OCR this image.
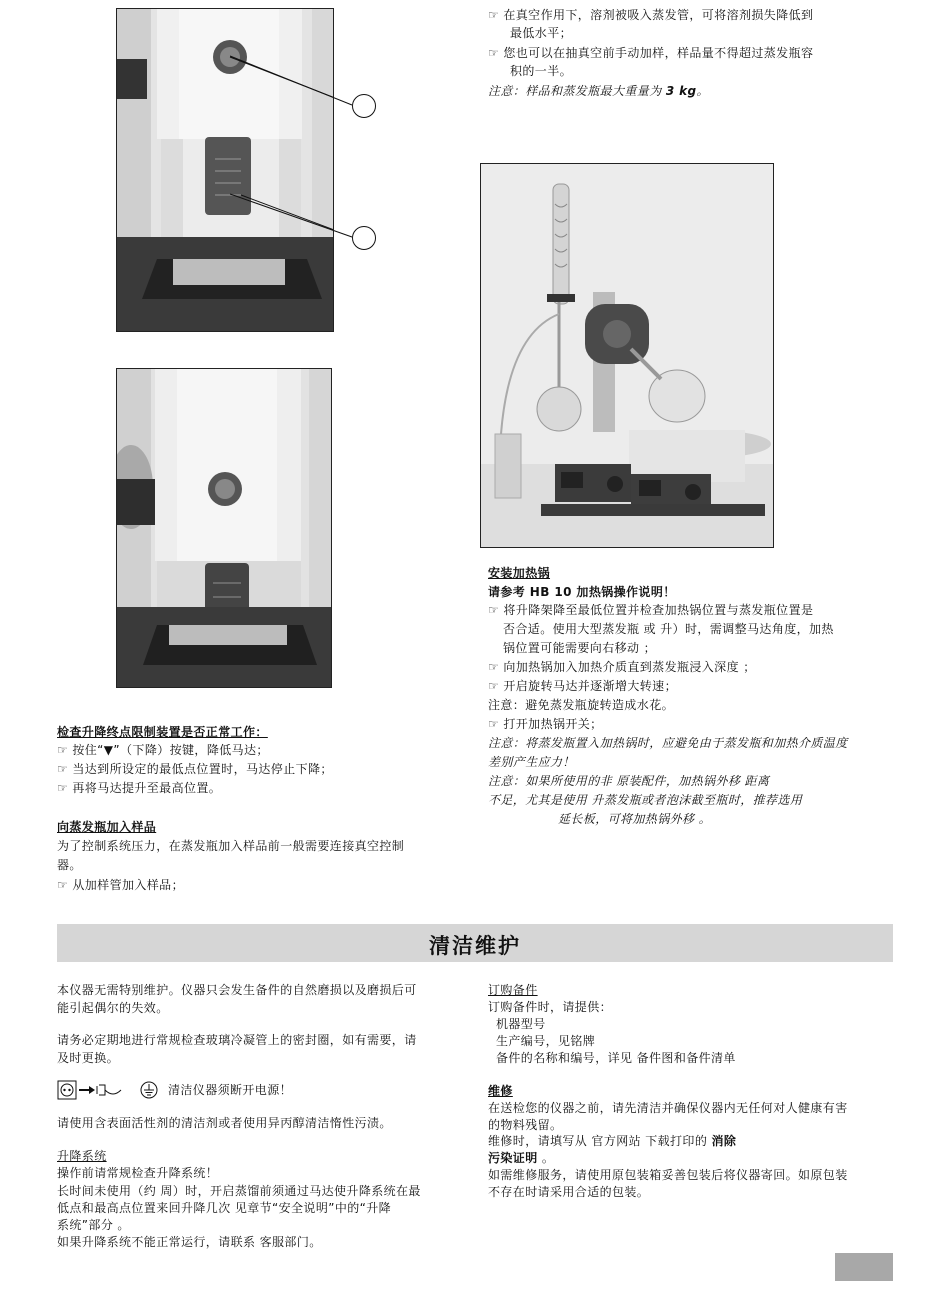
☞ 在真空作用下，溶剂被吸入蒸发管，可将溶剂损失降低到
最低水平；
☞ 您也可以在抽真空前手动加样，样品量不得超过蒸发瓶容
积的一半。
注意：样品和蒸发瓶最大重量为 3 kg。
检查升降终点限制装置是否正常工作：
☞ 按住“▼”（下降）按键，降低马达；
☞ 当达到所设定的最低点位置时，马达停止下降；
☞ 再将马达提升至最高位置。
向蒸发瓶加入样品
为了控制系统压力，在蒸发瓶加入样品前一般需要连接真空控制
器。
☞ 从加样管加入样品；
安装加热锅
请参考 HB 10 加热锅操作说明！
☞ 将升降架降至最低位置并检查加热锅位置与蒸发瓶位置是
否合适。使用大型蒸发瓶 或 升）时，需调整马达角度，加热
锅位置可能需要向右移动 ；
☞ 向加热锅加入加热介质直到蒸发瓶浸入深度 ；
☞ 开启旋转马达并逐渐增大转速；
注意：避免蒸发瓶旋转造成水花。
☞ 打开加热锅开关；
注意：将蒸发瓶置入加热锅时，应避免由于蒸发瓶和加热介质温度
差别产生应力！
注意：如果所使用的非 原装配件，加热锅外移 距离
不足，尤其是使用 升蒸发瓶或者泡沫截至瓶时，推荐选用
延长板，可将加热锅外移 。
清洁维护
本仪器无需特别维护。仪器只会发生备件的自然磨损以及磨损后可
能引起偶尔的失效。
请务必定期地进行常规检查玻璃冷凝管上的密封圈，如有需要，请
及时更换。
清洁仪器须断开电源！
请使用含表面活性剂的清洁剂或者使用异丙醇清洁惰性污渍。
升降系统
操作前请常规检查升降系统！
长时间未使用（约 周）时，开启蒸馏前须通过马达使升降系统在最
低点和最高点位置来回升降几次 见章节“安全说明”中的“升降
系统”部分 。
如果升降系统不能正常运行，请联系 客服部门。
订购备件
订购备件时，请提供：
机器型号
生产编号，见铭牌
备件的名称和编号，详见 备件图和备件清单
维修
在送检您的仪器之前，请先清洁并确保仪器内无任何对人健康有害
的物料残留。
维修时，请填写从 官方网站 下载打印的 消除
污染证明 。
如需维修服务，请使用原包装箱妥善包装后将仪器寄回。如原包装
不存在时请采用合适的包装。
